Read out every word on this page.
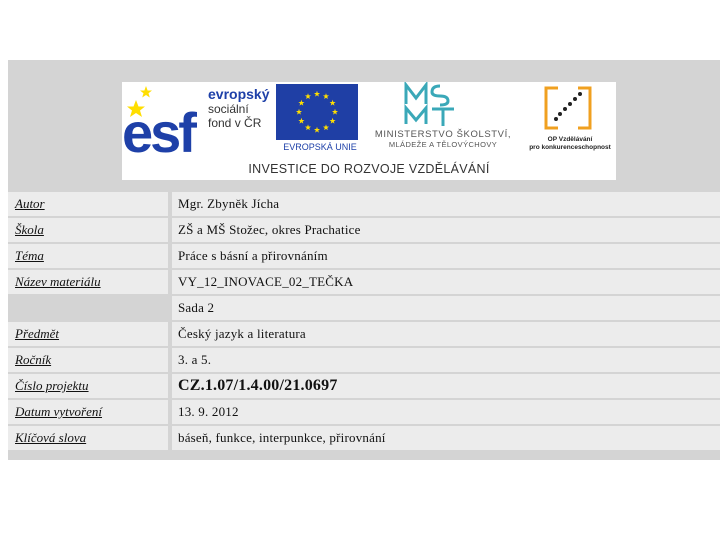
esf
evropský
sociální
fond v ČR
EVROPSKÁ UNIE
MINISTERSTVO ŠKOLSTVÍ,
MLÁDEŽE A TĚLOVÝCHOVY
OP Vzdělávání
pro konkurenceschopnost
INVESTICE DO ROZVOJE VZDĚLÁVÁNÍ
Autor		Mgr. Zbyněk Jícha
Škola		ZŠ a MŠ Stožec, okres Prachatice
Téma		Práce s básní a přirovnáním
Název materiálu		VY_12_INOVACE_02_TEČKA
		Sada 2
Předmět		Český jazyk a literatura
Ročník		3. a 5.
Číslo projektu		CZ.1.07/1.4.00/21.0697
Datum vytvoření		13. 9. 2012
Klíčová slova		báseň, funkce, interpunkce, přirovnání
